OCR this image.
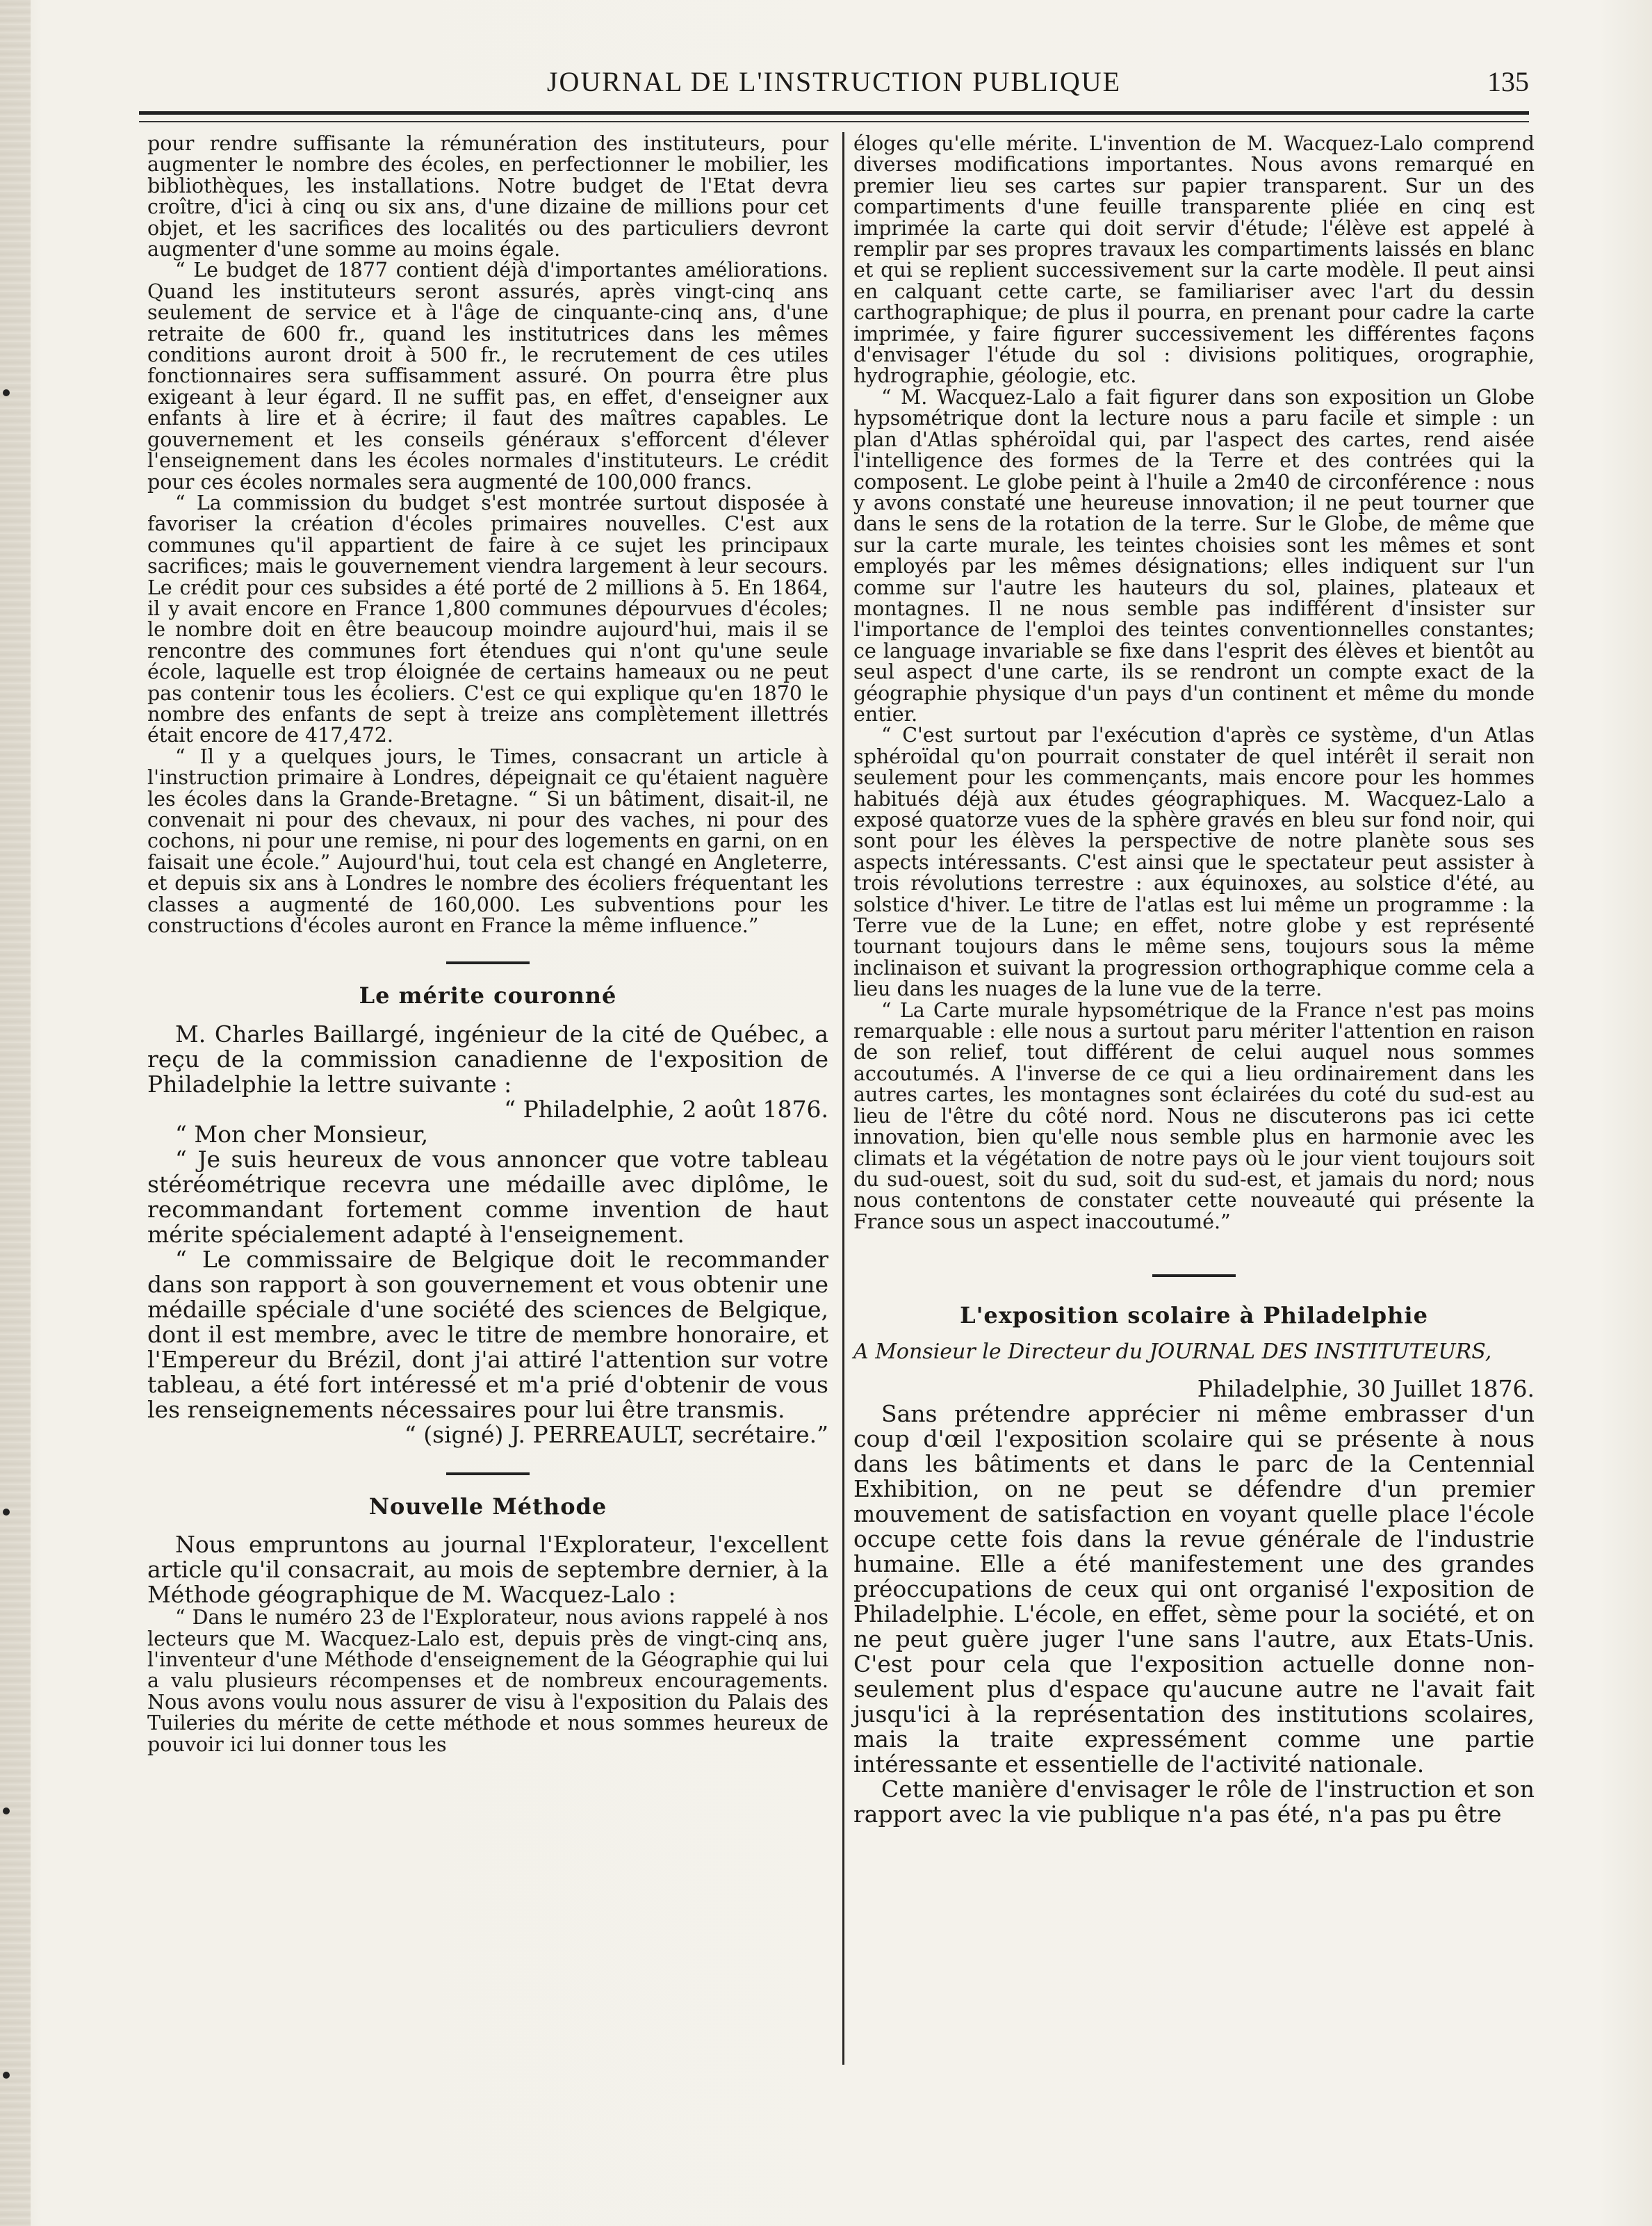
JOURNAL DE L'INSTRUCTION PUBLIQUE	135

pour rendre suffisante la rémunération des instituteurs, pour augmenter le nombre des écoles, en perfectionner le mobilier, les bibliothèques, les installations. Notre budget de l'Etat devra croître, d'ici à cinq ou six ans, d'une dizaine de millions pour cet objet, et les sacrifices des localités ou des particuliers devront augmenter d'une somme au moins égale.

“ Le budget de 1877 contient déjà d'importantes améliorations. Quand les instituteurs seront assurés, après vingt-cinq ans seulement de service et à l'âge de cinquante-cinq ans, d'une retraite de 600 fr., quand les institutrices dans les mêmes conditions auront droit à 500 fr., le recrutement de ces utiles fonctionnaires sera suffisamment assuré. On pourra être plus exigeant à leur égard. Il ne suffit pas, en effet, d'enseigner aux enfants à lire et à écrire; il faut des maîtres capables. Le gouvernement et les conseils généraux s'efforcent d'élever l'enseignement dans les écoles normales d'instituteurs. Le crédit pour ces écoles normales sera augmenté de 100,000 francs.

“ La commission du budget s'est montrée surtout disposée à favoriser la création d'écoles primaires nouvelles. C'est aux communes qu'il appartient de faire à ce sujet les principaux sacrifices; mais le gouvernement viendra largement à leur secours. Le crédit pour ces subsides a été porté de 2 millions à 5. En 1864, il y avait encore en France 1,800 communes dépourvues d'écoles; le nombre doit en être beaucoup moindre aujourd'hui, mais il se rencontre des communes fort étendues qui n'ont qu'une seule école, laquelle est trop éloignée de certains hameaux ou ne peut pas contenir tous les écoliers. C'est ce qui explique qu'en 1870 le nombre des enfants de sept à treize ans complètement illettrés était encore de 417,472.

“ Il y a quelques jours, le Times, consacrant un article à l'instruction primaire à Londres, dépeignait ce qu'étaient naguère les écoles dans la Grande-Bretagne. “ Si un bâtiment, disait-il, ne convenait ni pour des chevaux, ni pour des vaches, ni pour des cochons, ni pour une remise, ni pour des logements en garni, on en faisait une école.” Aujourd'hui, tout cela est changé en Angleterre, et depuis six ans à Londres le nombre des écoliers fréquentant les classes a augmenté de 160,000. Les subventions pour les constructions d'écoles auront en France la même influence.”

Le mérite couronné

M. Charles Baillargé, ingénieur de la cité de Québec, a reçu de la commission canadienne de l'exposition de Philadelphie la lettre suivante :

“ Philadelphie, 2 août 1876.

“ Mon cher Monsieur,

“ Je suis heureux de vous annoncer que votre tableau stéréométrique recevra une médaille avec diplôme, le recommandant fortement comme invention de haut mérite spécialement adapté à l'enseignement.

“ Le commissaire de Belgique doit le recommander dans son rapport à son gouvernement et vous obtenir une médaille spéciale d'une société des sciences de Belgique, dont il est membre, avec le titre de membre honoraire, et l'Empereur du Brézil, dont j'ai attiré l'attention sur votre tableau, a été fort intéressé et m'a prié d'obtenir de vous les renseignements nécessaires pour lui être transmis.

“ (signé) J. PERREAULT, secrétaire.”

Nouvelle Méthode

Nous empruntons au journal l'Explorateur, l'excellent article qu'il consacrait, au mois de septembre dernier, à la Méthode géographique de M. Wacquez-Lalo :

“ Dans le numéro 23 de l'Explorateur, nous avions rappelé à nos lecteurs que M. Wacquez-Lalo est, depuis près de vingt-cinq ans, l'inventeur d'une Méthode d'enseignement de la Géographie qui lui a valu plusieurs récompenses et de nombreux encouragements. Nous avons voulu nous assurer de visu à l'exposition du Palais des Tuileries du mérite de cette méthode et nous sommes heureux de pouvoir ici lui donner tous les

éloges qu'elle mérite. L'invention de M. Wacquez-Lalo comprend diverses modifications importantes. Nous avons remarqué en premier lieu ses cartes sur papier transparent. Sur un des compartiments d'une feuille transparente pliée en cinq est imprimée la carte qui doit servir d'étude; l'élève est appelé à remplir par ses propres travaux les compartiments laissés en blanc et qui se replient successivement sur la carte modèle. Il peut ainsi en calquant cette carte, se familiariser avec l'art du dessin carthographique; de plus il pourra, en prenant pour cadre la carte imprimée, y faire figurer successivement les différentes façons d'envisager l'étude du sol : divisions politiques, orographie, hydrographie, géologie, etc.

“ M. Wacquez-Lalo a fait figurer dans son exposition un Globe hypsométrique dont la lecture nous a paru facile et simple : un plan d'Atlas sphéroïdal qui, par l'aspect des cartes, rend aisée l'intelligence des formes de la Terre et des contrées qui la composent. Le globe peint à l'huile a 2m40 de circonférence : nous y avons constaté une heureuse innovation; il ne peut tourner que dans le sens de la rotation de la terre. Sur le Globe, de même que sur la carte murale, les teintes choisies sont les mêmes et sont employés par les mêmes désignations; elles indiquent sur l'un comme sur l'autre les hauteurs du sol, plaines, plateaux et montagnes. Il ne nous semble pas indifférent d'insister sur l'importance de l'emploi des teintes conventionnelles constantes; ce language invariable se fixe dans l'esprit des élèves et bientôt au seul aspect d'une carte, ils se rendront un compte exact de la géographie physique d'un pays d'un continent et même du monde entier.

“ C'est surtout par l'exécution d'après ce système, d'un Atlas sphéroïdal qu'on pourrait constater de quel intérêt il serait non seulement pour les commençants, mais encore pour les hommes habitués déjà aux études géographiques. M. Wacquez-Lalo a exposé quatorze vues de la sphère gravés en bleu sur fond noir, qui sont pour les élèves la perspective de notre planète sous ses aspects intéressants. C'est ainsi que le spectateur peut assister à trois révolutions terrestre : aux équinoxes, au solstice d'été, au solstice d'hiver. Le titre de l'atlas est lui même un programme : la Terre vue de la Lune; en effet, notre globe y est représenté tournant toujours dans le même sens, toujours sous la même inclinaison et suivant la progression orthographique comme cela a lieu dans les nuages de la lune vue de la terre.

“ La Carte murale hypsométrique de la France n'est pas moins remarquable : elle nous a surtout paru mériter l'attention en raison de son relief, tout différent de celui auquel nous sommes accoutumés. A l'inverse de ce qui a lieu ordinairement dans les autres cartes, les montagnes sont éclairées du coté du sud-est au lieu de l'être du côté nord. Nous ne discuterons pas ici cette innovation, bien qu'elle nous semble plus en harmonie avec les climats et la végétation de notre pays où le jour vient toujours soit du sud-ouest, soit du sud, soit du sud-est, et jamais du nord; nous nous contentons de constater cette nouveauté qui présente la France sous un aspect inaccoutumé.”

L'exposition scolaire à Philadelphie

A Monsieur le Directeur du JOURNAL DES INSTITUTEURS,

Philadelphie, 30 Juillet 1876.

Sans prétendre apprécier ni même embrasser d'un coup d'œil l'exposition scolaire qui se présente à nous dans les bâtiments et dans le parc de la Centennial Exhibition, on ne peut se défendre d'un premier mouvement de satisfaction en voyant quelle place l'école occupe cette fois dans la revue générale de l'industrie humaine. Elle a été manifestement une des grandes préoccupations de ceux qui ont organisé l'exposition de Philadelphie. L'école, en effet, sème pour la société, et on ne peut guère juger l'une sans l'autre, aux Etats-Unis. C'est pour cela que l'exposition actuelle donne non-seulement plus d'espace qu'aucune autre ne l'avait fait jusqu'ici à la représentation des institutions scolaires, mais la traite expressément comme une partie intéressante et essentielle de l'activité nationale.

Cette manière d'envisager le rôle de l'instruction et son rapport avec la vie publique n'a pas été, n'a pas pu être
